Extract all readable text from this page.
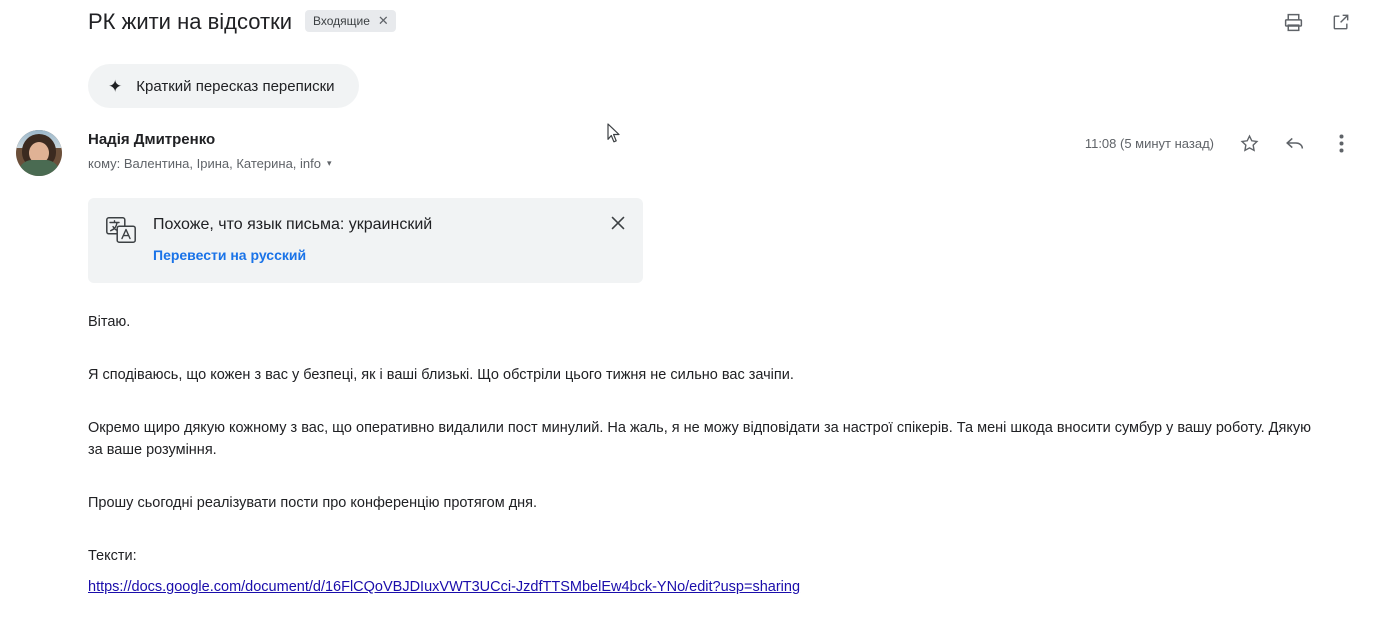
РК жити на відсотки Входящие ✕
✦ Краткий пересказ переписки
Надія Дмитренко
кому: Валентина, Ірина, Катерина, info ▾
11:08 (5 минут назад)
Похоже, что язык письма: украинский
Перевести на русский

Вітаю.

Я сподіваюсь, що кожен з вас у безпеці, як і ваші близькі. Що обстріли цього тижня не сильно вас зачіпи.

Окремо щиро дякую кожному з вас, що оперативно видалили пост минулий. На жаль, я не можу відповідати за настрої спікерів. Та мені шкода вносити сумбур у вашу роботу. Дякую за ваше розуміння.

Прошу сьогодні реалізувати пости про конференцію протягом дня.

Тексти:

https://docs.google.com/document/d/16FlCQoVBJDIuxVWT3UCci-JzdfTTSMbelEw4bck-YNo/edit?usp=sharing
